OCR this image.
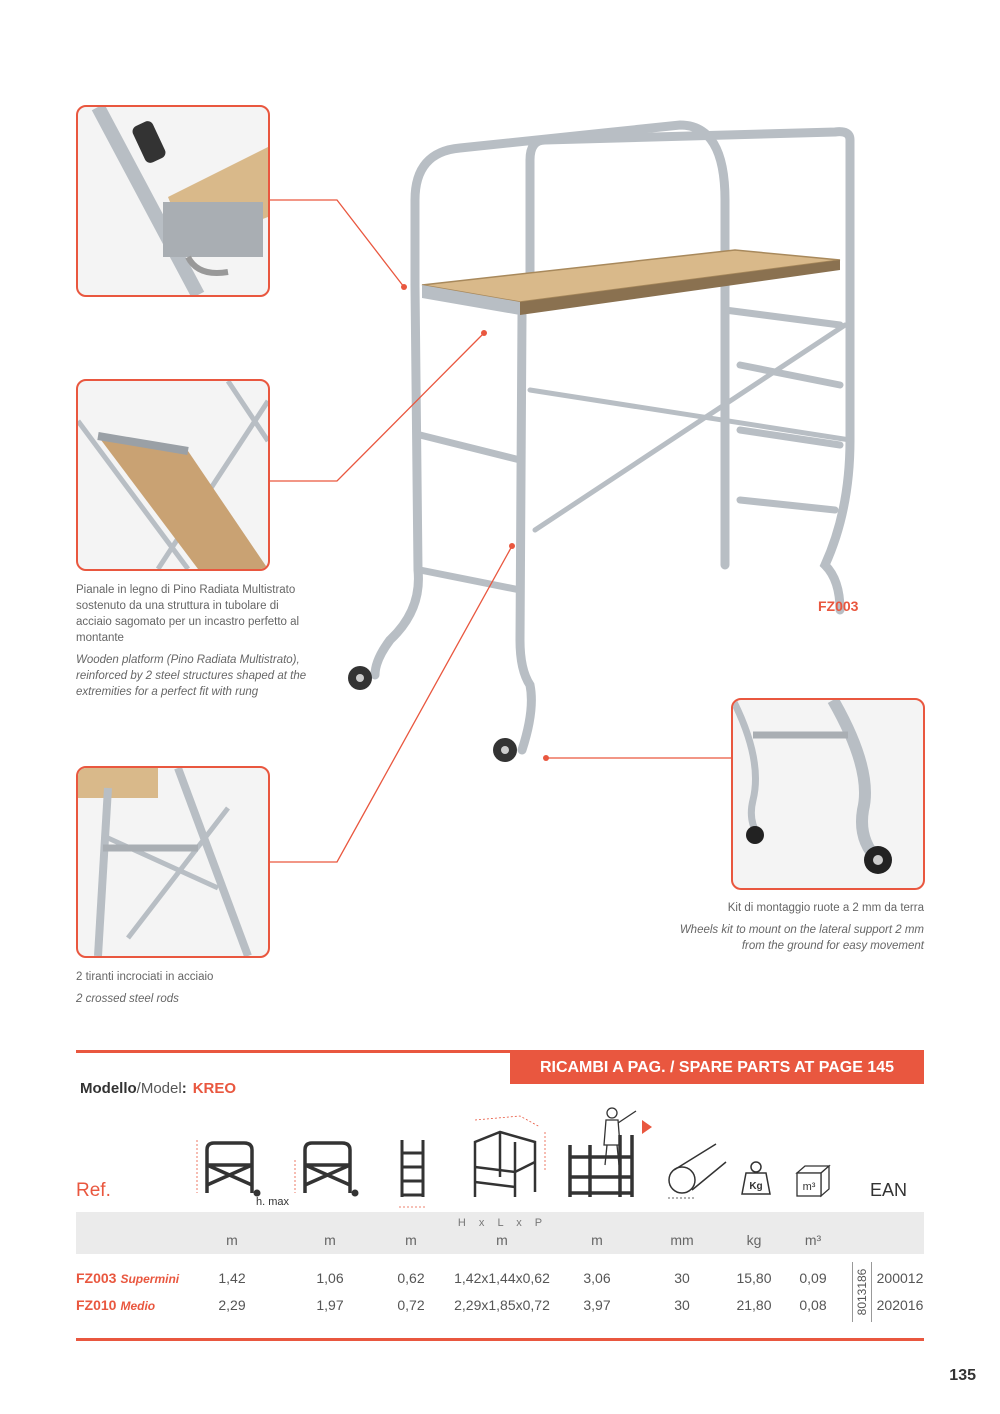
Pianale in legno di Pino Radiata Multistrato sostenuto da una struttura in tubolare di acciaio sagomato per un incastro perfetto al montante
Wooden platform (Pino Radiata Multistrato), reinforced by 2 steel structures shaped at the extremities for a perfect fit with rung
2 tiranti incrociati in acciaio
2 crossed steel rods
Kit di montaggio ruote a 2 mm da terra
Wheels kit to mount on the lateral support 2 mm from the ground for easy movement
FZ003
RICAMBI A PAG. / SPARE PARTS AT PAGE 145
Modello/Model: KREO
h. max
Kg	m³
Ref.	EAN
H x L x P
m	m	m	m	m	mm	kg	m³
FZ003 Supermini	1,42	1,06	0,62	1,42x1,44x0,62	3,06	30	15,80	0,09	200012
FZ010 Medio	2,29	1,97	0,72	2,29x1,85x0,72	3,97	30	21,80	0,08	202016
8013186
135
